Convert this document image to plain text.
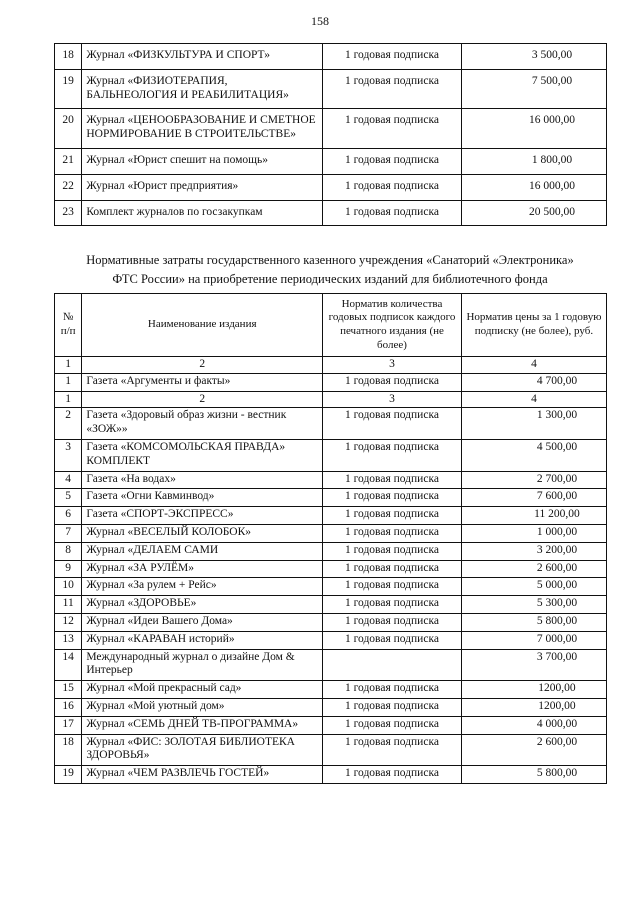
158
18	Журнал «ФИЗКУЛЬТУРА И СПОРТ»	1 годовая подписка	3 500,00
19	Журнал «ФИЗИОТЕРАПИЯ, БАЛЬНЕОЛОГИЯ И РЕАБИЛИТАЦИЯ»	1 годовая подписка	7 500,00
20	Журнал «ЦЕНООБРАЗОВАНИЕ И СМЕТНОЕ НОРМИРОВАНИЕ В СТРОИТЕЛЬСТВЕ»	1 годовая подписка	16 000,00
21	Журнал «Юрист спешит на помощь»	1 годовая подписка	1 800,00
22	Журнал «Юрист предприятия»	1 годовая подписка	16 000,00
23	Комплект журналов по госзакупкам	1 годовая подписка	20 500,00
Нормативные затраты государственного казенного учреждения «Санаторий «Электроника»
ФТС России» на приобретение периодических изданий для библиотечного фонда
№ п/п	Наименование издания	Норматив количества годовых подписок каждого печатного издания (не более)	Норматив цены за 1 годовую подписку (не более), руб.
1	2	3	4
1	Газета «Аргументы и факты»	1 годовая подписка	4 700,00
1	2	3	4
2	Газета «Здоровый образ жизни - вестник «ЗОЖ»»	1 годовая подписка	1 300,00
3	Газета «КОМСОМОЛЬСКАЯ ПРАВДА» КОМПЛЕКТ	1 годовая подписка	4 500,00
4	Газета «На водах»	1 годовая подписка	2 700,00
5	Газета «Огни Кавминвод»	1 годовая подписка	7 600,00
6	Газета «СПОРТ-ЭКСПРЕСС»	1 годовая подписка	11 200,00
7	Журнал «ВЕСЕЛЫЙ КОЛОБОК»	1 годовая подписка	1 000,00
8	Журнал «ДЕЛАЕМ САМИ	1 годовая подписка	3 200,00
9	Журнал «ЗА РУЛЁМ»	1 годовая подписка	2 600,00
10	Журнал «За рулем + Рейс»	1 годовая подписка	5 000,00
11	Журнал «ЗДОРОВЬЕ»	1 годовая подписка	5 300,00
12	Журнал «Идеи Вашего Дома»	1 годовая подписка	5 800,00
13	Журнал «КАРАВАН историй»	1 годовая подписка	7 000,00
14	Международный журнал о дизайне Дом & Интерьер		3 700,00
15	Журнал «Мой прекрасный сад»	1 годовая подписка	1200,00
16	Журнал «Мой уютный дом»	1 годовая подписка	1200,00
17	Журнал «СЕМЬ ДНЕЙ ТВ-ПРОГРАММА»	1 годовая подписка	4 000,00
18	Журнал «ФИС: ЗОЛОТАЯ БИБЛИОТЕКА ЗДОРОВЬЯ»	1 годовая подписка	2 600,00
19	Журнал «ЧЕМ РАЗВЛЕЧЬ ГОСТЕЙ»	1 годовая подписка	5 800,00
